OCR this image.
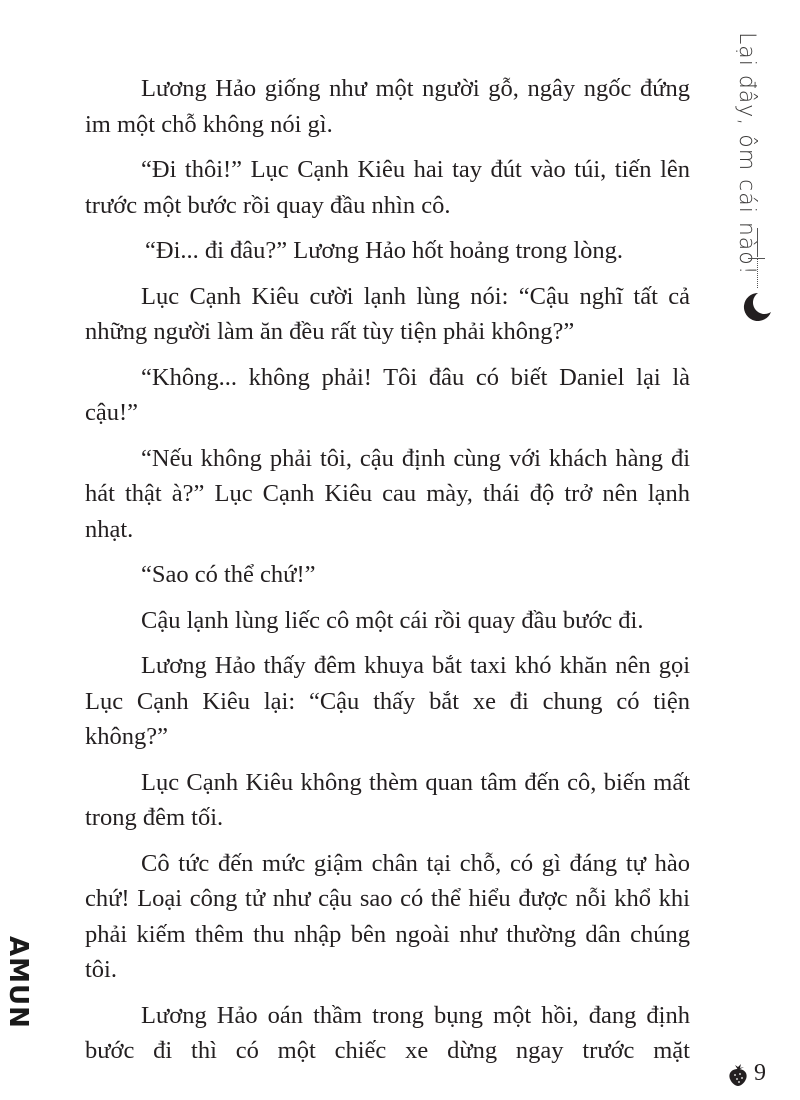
Lương Hảo giống như một người gỗ, ngây ngốc đứng im một chỗ không nói gì.

“Đi thôi!” Lục Cạnh Kiêu hai tay đút vào túi, tiến lên trước một bước rồi quay đầu nhìn cô.

“Đi... đi đâu?” Lương Hảo hốt hoảng trong lòng.

Lục Cạnh Kiêu cười lạnh lùng nói: “Cậu nghĩ tất cả những người làm ăn đều rất tùy tiện phải không?”

“Không... không phải! Tôi đâu có biết Daniel lại là cậu!”

“Nếu không phải tôi, cậu định cùng với khách hàng đi hát thật à?” Lục Cạnh Kiêu cau mày, thái độ trở nên lạnh nhạt.

“Sao có thể chứ!”

Cậu lạnh lùng liếc cô một cái rồi quay đầu bước đi.

Lương Hảo thấy đêm khuya bắt taxi khó khăn nên gọi Lục Cạnh Kiêu lại: “Cậu thấy bắt xe đi chung có tiện không?”

Lục Cạnh Kiêu không thèm quan tâm đến cô, biến mất trong đêm tối.

Cô tức đến mức giậm chân tại chỗ, có gì đáng tự hào chứ! Loại công tử như cậu sao có thể hiểu được nỗi khổ khi phải kiếm thêm thu nhập bên ngoài như thường dân chúng tôi.

Lương Hảo oán thầm trong bụng một hồi, đang định bước đi thì có một chiếc xe dừng ngay trước mặt

Lại đây, ôm cái nào!
AMUN
9
